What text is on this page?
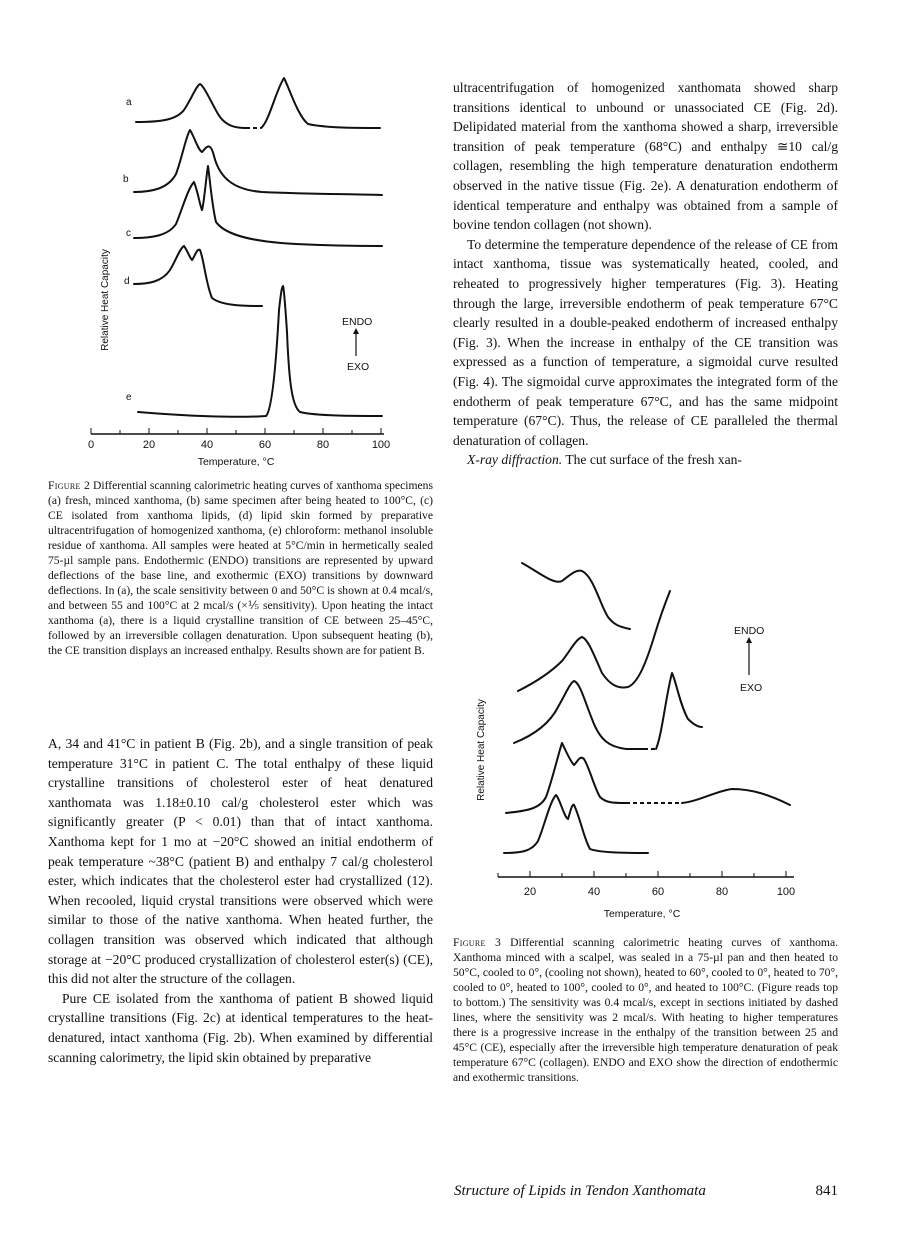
Relative Heat Capacity
a
b
c
d
e
ENDO
EXO
0	20	40	60	80	100
Temperature, °C
Figure 2 Differential scanning calorimetric heating curves of xanthoma specimens (a) fresh, minced xanthoma, (b) same specimen after being heated to 100°C, (c) CE isolated from xanthoma lipids, (d) lipid skin formed by preparative ultracentrifugation of homogenized xanthoma, (e) chloroform: methanol insoluble residue of xanthoma. All samples were heated at 5°C/min in hermetically sealed 75-µl sample pans. Endothermic (ENDO) transitions are represented by upward deflections of the base line, and exothermic (EXO) transitions by downward deflections. In (a), the scale sensitivity between 0 and 50°C is shown at 0.4 mcal/s, and between 55 and 100°C at 2 mcal/s (×⅕ sensitivity). Upon heating the intact xanthoma (a), there is a liquid crystalline transition of CE between 25–45°C, followed by an irreversible collagen denaturation. Upon subsequent heating (b), the CE transition displays an increased enthalpy. Results shown are for patient B.

A, 34 and 41°C in patient B (Fig. 2b), and a single transition of peak temperature 31°C in patient C. The total enthalpy of these liquid crystalline transitions of cholesterol ester of heat denatured xanthomata was 1.18±0.10 cal/g cholesterol ester which was significantly greater (P < 0.01) than that of intact xanthoma. Xanthoma kept for 1 mo at −20°C showed an initial endotherm of peak temperature ~38°C (patient B) and enthalpy 7 cal/g cholesterol ester, which indicates that the cholesterol ester had crystallized (12). When recooled, liquid crystal transitions were observed which were similar to those of the native xanthoma. When heated further, the collagen transition was observed which indicated that although storage at −20°C produced crystallization of cholesterol ester(s) (CE), this did not alter the structure of the collagen.

Pure CE isolated from the xanthoma of patient B showed liquid crystalline transitions (Fig. 2c) at identical temperatures to the heat-denatured, intact xanthoma (Fig. 2b). When examined by differential scanning calorimetry, the lipid skin obtained by preparative

ultracentrifugation of homogenized xanthomata showed sharp transitions identical to unbound or unassociated CE (Fig. 2d). Delipidated material from the xanthoma showed a sharp, irreversible transition of peak temperature (68°C) and enthalpy ≅10 cal/g collagen, resembling the high temperature denaturation endotherm observed in the native tissue (Fig. 2e). A denaturation endotherm of identical temperature and enthalpy was obtained from a sample of bovine tendon collagen (not shown).

To determine the temperature dependence of the release of CE from intact xanthoma, tissue was systematically heated, cooled, and reheated to progressively higher temperatures (Fig. 3). Heating through the large, irreversible endotherm of peak temperature 67°C clearly resulted in a double-peaked endotherm of increased enthalpy (Fig. 3). When the increase in enthalpy of the CE transition was expressed as a function of temperature, a sigmoidal curve resulted (Fig. 4). The sigmoidal curve approximates the integrated form of the endotherm of peak temperature 67°C, and has the same midpoint temperature (67°C). Thus, the release of CE paralleled the thermal denaturation of collagen.

X-ray diffraction. The cut surface of the fresh xan-

Relative Heat Capacity
ENDO
EXO
20	40	60	80	100
Temperature, °C
Figure 3 Differential scanning calorimetric heating curves of xanthoma. Xanthoma minced with a scalpel, was sealed in a 75-µl pan and then heated to 50°C, cooled to 0°, (cooling not shown), heated to 60°, cooled to 0°, heated to 70°, cooled to 0°, heated to 100°, cooled to 0°, and heated to 100°C. (Figure reads top to bottom.) The sensitivity was 0.4 mcal/s, except in sections initiated by dashed lines, where the sensitivity was 2 mcal/s. With heating to higher temperatures there is a progressive increase in the enthalpy of the transition between 25 and 45°C (CE), especially after the irreversible high temperature denaturation of peak temperature 67°C (collagen). ENDO and EXO show the direction of endothermic and exothermic transitions.
Structure of Lipids in Tendon Xanthomata	841
